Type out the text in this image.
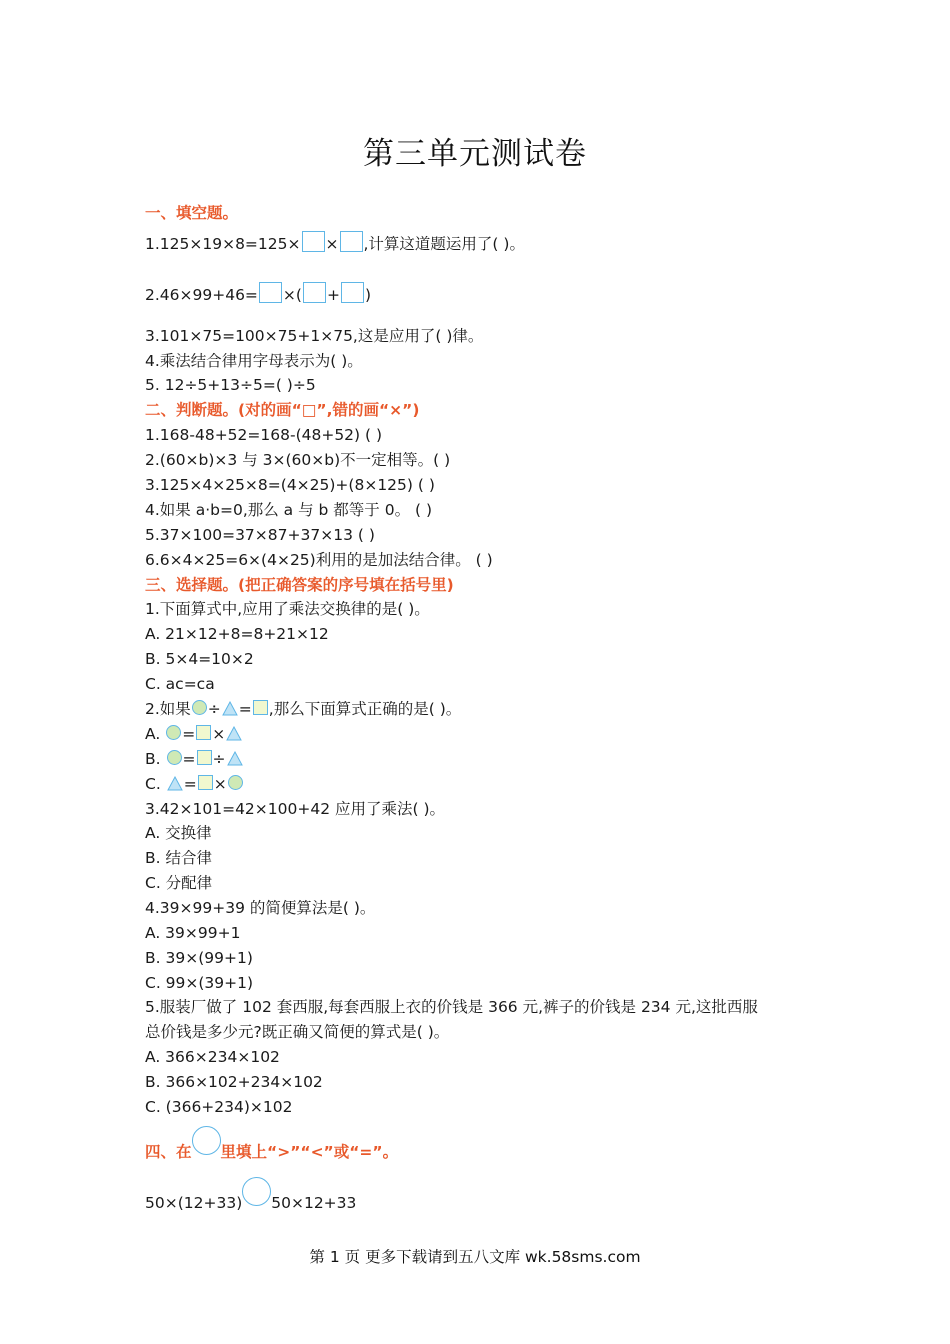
第三单元测试卷
一、填空题。
1.125×19×8=125× × ,计算这道题运用了( )。
2.46×99+46= ×( + )
3.101×75=100×75+1×75,这是应用了( )律。
4.乘法结合律用字母表示为( )。
5. 12÷5+13÷5=( )÷5
二、判断题。(对的画“□”,错的画“×”)
1.168-48+52=168-(48+52) ( )
2.(60×b)×3 与 3×(60×b)不一定相等。( )
3.125×4×25×8=(4×25)+(8×125) ( )
4.如果 a·b=0,那么 a 与 b 都等于 0。 ( )
5.37×100=37×87+37×13 ( )
6.6×4×25=6×(4×25)利用的是加法结合律。 ( )
三、选择题。(把正确答案的序号填在括号里)
1.下面算式中,应用了乘法交换律的是( )。
A. 21×12+8=8+21×12
B. 5×4=10×2
C. ac=ca
2.如果 ÷ = ,那么下面算式正确的是( )。
A. = ×
B. = ÷
C. = ×
3.42×101=42×100+42 应用了乘法( )。
A. 交换律
B. 结合律
C. 分配律
4.39×99+39 的简便算法是( )。
A. 39×99+1
B. 39×(99+1)
C. 99×(39+1)
5.服装厂做了 102 套西服,每套西服上衣的价钱是 366 元,裤子的价钱是 234 元,这批西服
总价钱是多少元?既正确又简便的算式是( )。
A. 366×234×102
B. 366×102+234×102
C. (366+234)×102
四、在 里填上“>”“<”或“=”。
50×(12+33) 50×12+33
第 1 页 更多下载请到五八文库 wk.58sms.com
